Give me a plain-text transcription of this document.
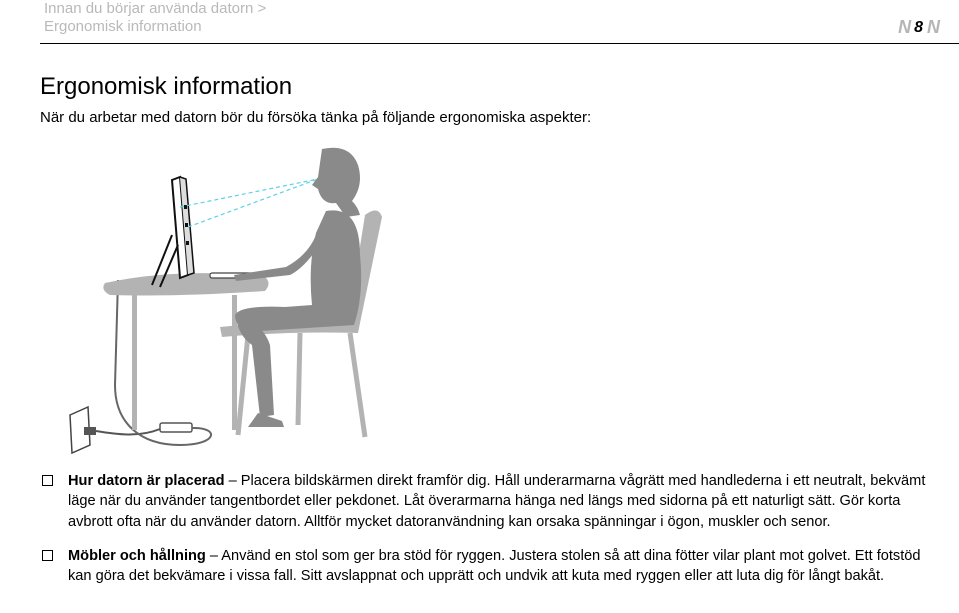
Innan du börjar använda datorn >
Ergonomisk information	N 8 N
Ergonomisk information
När du arbetar med datorn bör du försöka tänka på följande ergonomiska aspekter:
Hur datorn är placerad – Placera bildskärmen direkt framför dig. Håll underarmarna vågrätt med handlederna i ett neutralt, bekvämt läge när du använder tangentbordet eller pekdonet. Låt överarmarna hänga ned längs med sidorna på ett naturligt sätt. Gör korta avbrott ofta när du använder datorn. Alltför mycket datoranvändning kan orsaka spänningar i ögon, muskler och senor.
Möbler och hållning – Använd en stol som ger bra stöd för ryggen. Justera stolen så att dina fötter vilar plant mot golvet. Ett fotstöd kan göra det bekvämare i vissa fall. Sitt avslappnat och upprätt och undvik att kuta med ryggen eller att luta dig för långt bakåt.
